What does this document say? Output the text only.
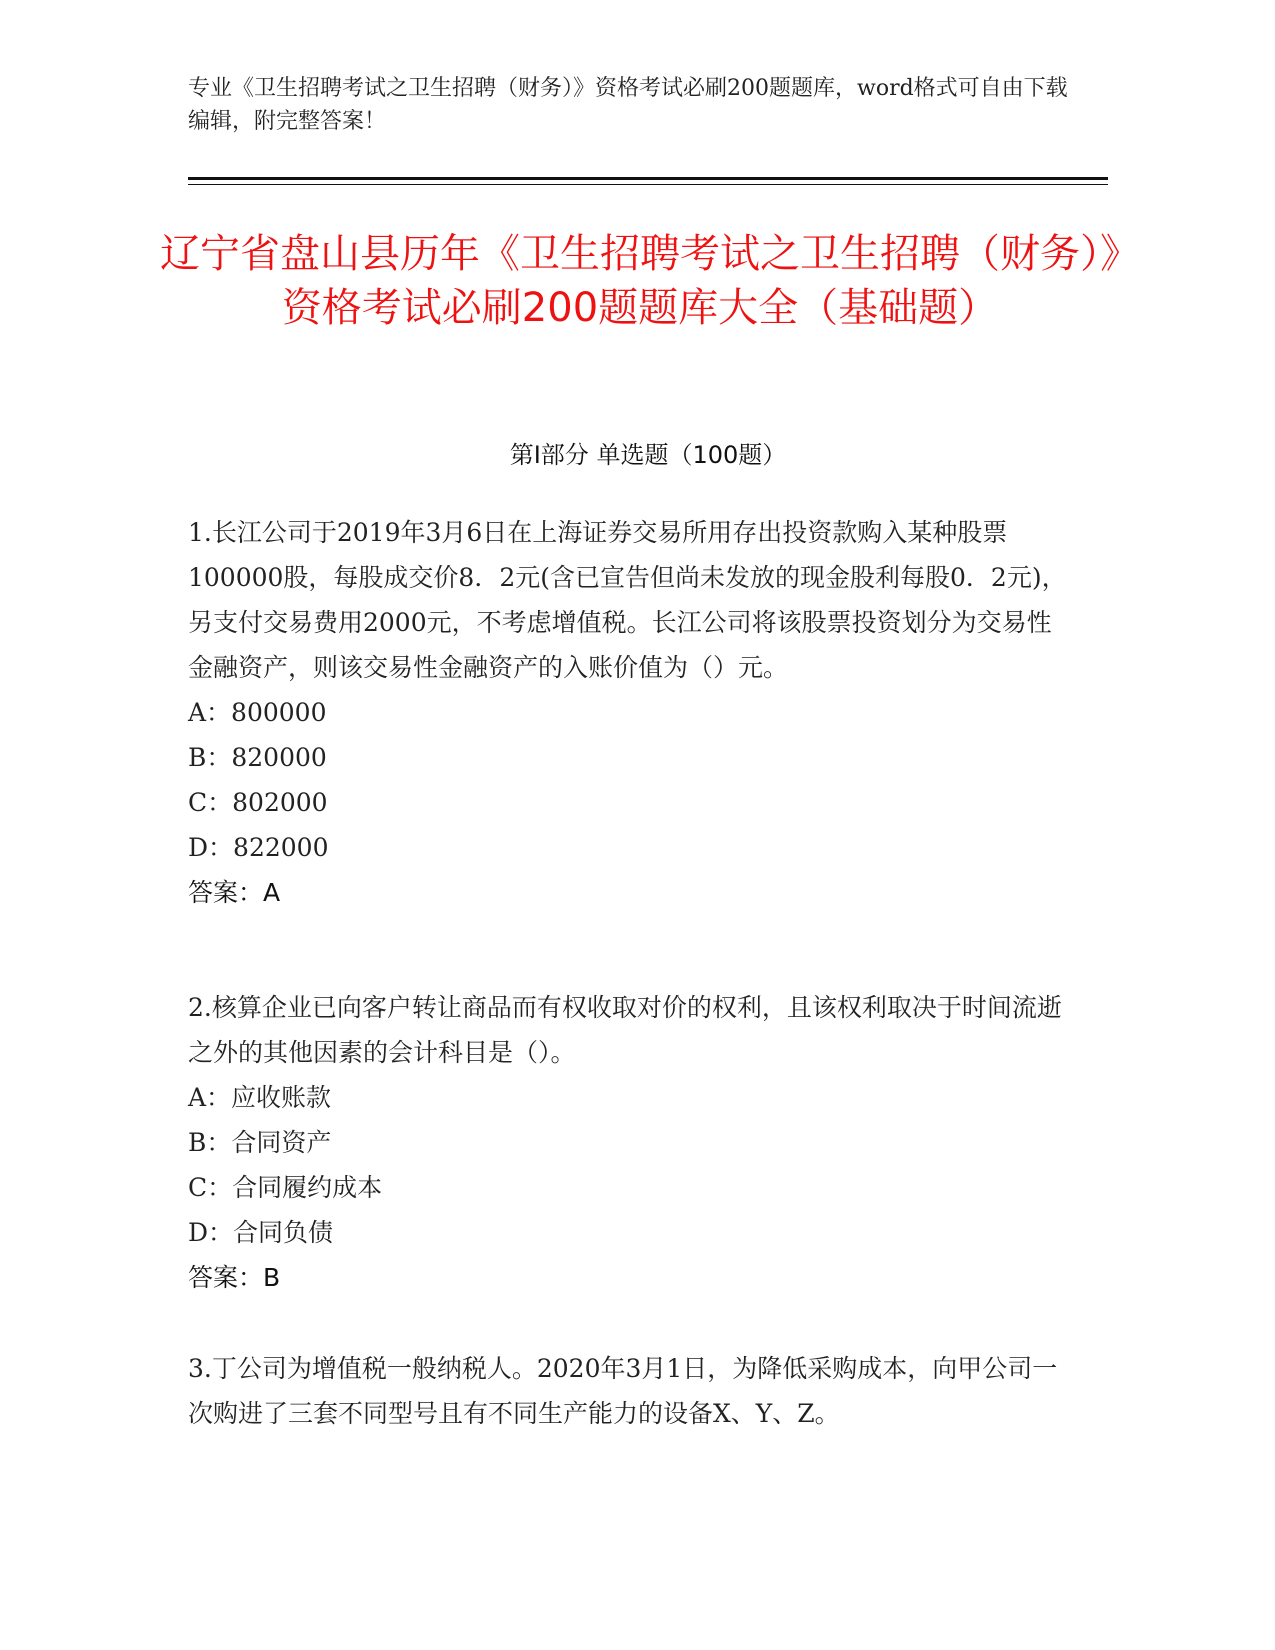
专业《卫生招聘考试之卫生招聘（财务）》资格考试必刷200题题库，word格式可自由下载编辑，附完整答案！
辽宁省盘山县历年《卫生招聘考试之卫生招聘（财务）》资格考试必刷200题题库大全（基础题）
第Ⅰ部分 单选题（100题）
1.长江公司于2019年3月6日在上海证券交易所用存出投资款购入某种股票100000股，每股成交价8．2元(含已宣告但尚未发放的现金股利每股0．2元)，另支付交易费用2000元，不考虑增值税。长江公司将该股票投资划分为交易性金融资产，则该交易性金融资产的入账价值为（）元。
A：800000
B：820000
C：802000
D：822000
答案：A
2.核算企业已向客户转让商品而有权收取对价的权利，且该权利取决于时间流逝之外的其他因素的会计科目是（）。
A：应收账款
B：合同资产
C：合同履约成本
D：合同负债
答案：B
3.丁公司为增值税一般纳税人。2020年3月1日，为降低采购成本，向甲公司一次购进了三套不同型号且有不同生产能力的设备X、Y、Z。
